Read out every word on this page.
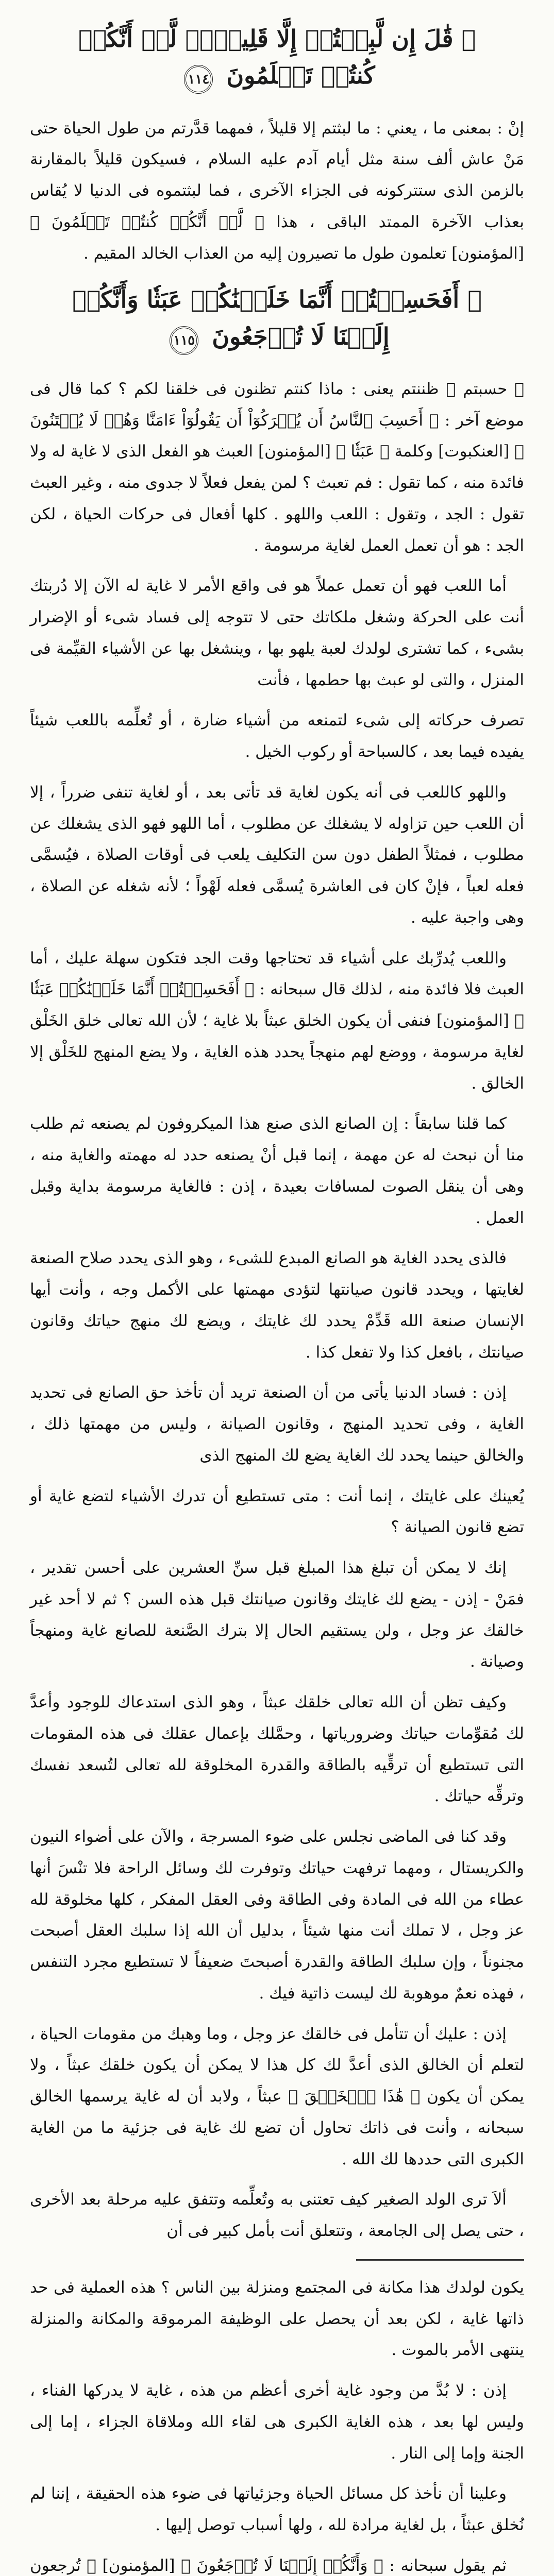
﴿ قَٰلَ إِن لَّبِثۡتُمۡ إِلَّا قَلِيلٗاۖ لَّوۡ أَنَّكُمۡ
كُنتُمۡ تَعۡلَمُونَ ١١٤

إنْ : بمعنى ما ، يعني : ما لبثتم إلا قليلاً ، فمهما قدَّرتم من طول الحياة حتى مَنْ عاش ألف سنة مثل أيام آدم عليه السلام ، فسيكون قليلاً بالمقارنة بالزمن الذى ستتركونه فى الجزاء الآخرى ، فما لبثتموه فى الدنيا لا يُقاس بعذاب الآخرة الممتد الباقى ، هذا ﴿ لَّوۡ أَنَّكُمۡ كُنتُمۡ تَعۡلَمُونَ ﴾ [المؤمنون] تعلمون طول ما تصيرون إليه من العذاب الخالد المقيم .

﴿ أَفَحَسِبۡتُمۡ أَنَّمَا خَلَقۡنَٰكُمۡ عَبَثٗا وَأَنَّكُمۡ
إِلَيۡنَا لَا تُرۡجَعُونَ ١١٥

﴿ حسبتم ﴾ ظننتم يعنى : ماذا كنتم تظنون فى خلقنا لكم ؟ كما قال فى موضع آخر : ﴿ أَحَسِبَ ٱلنَّاسُ أَن يُتۡرَكُوٓاْ أَن يَقُولُوٓاْ ءَامَنَّا وَهُمۡ لَا يُفۡتَنُونَ ﴾ [العنكبوت] وكلمة ﴿ عَبَثٗا ﴾ [المؤمنون] العبث هو الفعل الذى لا غاية له ولا فائدة منه ، كما تقول : فم تعبث ؟ لمن يفعل فعلاً لا جدوى منه ، وغير العبث تقول : الجد ، وتقول : اللعب واللهو . كلها أفعال فى حركات الحياة ، لكن الجد : هو أن تعمل العمل لغاية مرسومة .

أما اللعب فهو أن تعمل عملاً هو فى واقع الأمر لا غاية له الآن إلا دُربتك أنت على الحركة وشغل ملكاتك حتى لا تتوجه إلى فساد شىء أو الإضرار بشىء ، كما تشترى لولدك لعبة يلهو بها ، وينشغل بها عن الأشياء القيِّمة فى المنزل ، والتى لو عبث بها حطمها ، فأنت

تصرف حركاته إلى شىء لتمنعه من أشياء ضارة ، أو تُعلِّمه باللعب شيئاً يفيده فيما بعد ، كالسباحة أو ركوب الخيل .

واللهو كاللعب فى أنه يكون لغاية قد تأتى بعد ، أو لغاية تنفى ضرراً ، إلا أن اللعب حين تزاوله لا يشغلك عن مطلوب ، أما اللهو فهو الذى يشغلك عن مطلوب ، فمثلاً الطفل دون سن التكليف يلعب فى أوقات الصلاة ، فيُسمَّى فعله لعباً ، فإنْ كان فى العاشرة يُسمَّى فعله لَهْواً ؛ لأنه شغله عن الصلاة ، وهى واجبة عليه .

واللعب يُدرِّبك على أشياء قد تحتاجها وقت الجد فتكون سهلة عليك ، أما العبث فلا فائدة منه ، لذلك قال سبحانه : ﴿ أَفَحَسِبۡتُمۡ أَنَّمَا خَلَقۡنَٰكُمۡ عَبَثٗا ﴾ [المؤمنون] فنفى أن يكون الخلق عبثاً بلا غاية ؛ لأن الله تعالى خلق الخَلْق لغاية مرسومة ، ووضع لهم منهجاً يحدد هذه الغاية ، ولا يضع المنهج للخَلْق إلا الخالق .

كما قلنا سابقاً : إن الصانع الذى صنع هذا الميكروفون لم يصنعه ثم طلب منا أن نبحث له عن مهمة ، إنما قبل أنْ يصنعه حدد له مهمته والغاية منه ، وهى أن ينقل الصوت لمسافات بعيدة ، إذن : فالغاية مرسومة بداية وقبل العمل .

فالذى يحدد الغاية هو الصانع المبدع للشىء ، وهو الذى يحدد صلاح الصنعة لغايتها ، ويحدد قانون صيانتها لتؤدى مهمتها على الأكمل وجه ، وأنت أيها الإنسان صنعة الله قَدِّمْ يحدد لك غايتك ، ويضع لك منهج حياتك وقانون صيانتك ، بافعل كذا ولا تفعل كذا .

إذن : فساد الدنيا يأتى من أن الصنعة تريد أن تأخذ حق الصانع فى تحديد الغاية ، وفى تحديد المنهج ، وقانون الصيانة ، وليس من مهمتها ذلك ، والخالق حينما يحدد لك الغاية يضع لك المنهج الذى

يُعينك على غايتك ، إنما أنت : متى تستطيع أن تدرك الأشياء لتضع غاية أو تضع قانون الصيانة ؟

إنك لا يمكن أن تبلغ هذا المبلغ قبل سنِّ العشرين على أحسن تقدير ، فمَنْ - إذن - يضع لك غايتك وقانون صيانتك قبل هذه السن ؟ ثم لا أحد غير خالقك عز وجل ، ولن يستقيم الحال إلا بترك الصَّنعة للصانع غاية ومنهجاً وصيانة .

وكيف تظن أن الله تعالى خلقك عبثاً ، وهو الذى استدعاك للوجود وأعدَّ لك مُقوِّمات حياتك وضرورياتها ، وحمَّلك بإعمال عقلك فى هذه المقومات التى تستطيع أن ترقِّيه بالطاقة والقدرة المخلوقة لله تعالى لتُسعد نفسك وترقِّه حياتك .

وقد كنا فى الماضى نجلس على ضوء المسرجة ، والآن على أضواء النيون والكريستال ، ومهما ترفهت حياتك وتوفرت لك وسائل الراحة فلا تنْسَ أنها عطاء من الله فى المادة وفى الطاقة وفى العقل المفكر ، كلها مخلوقة لله عز وجل ، لا تملك أنت منها شيئاً ، بدليل أن الله إذا سلبك العقل أصبحت مجنوناً ، وإن سلبك الطاقة والقدرة أصبحتَ ضعيفاً لا تستطيع مجرد التنفس ، فهذه نعمٌ موهوبة لك ليست ذاتية فيك .

إذن : عليك أن تتأمل فى خالقك عز وجل ، وما وهبك من مقومات الحياة ، لتعلم أن الخالق الذى أعدَّ لك كل هذا لا يمكن أن يكون خلقك عبثاً ، ولا يمكن أن يكون ﴿ هَٰذَا ٱلۡخَلۡقَ ﴾ عبثاً ، ولابد أن له غاية يرسمها الخالق سبحانه ، وأنت فى ذاتك تحاول أن تضع لك غاية فى جزئية ما من الغاية الكبرى التى حددها لك الله .

ألاَ ترى الولد الصغير كيف تعتنى به وتُعلِّمه وتتفق عليه مرحلة بعد الأخرى ، حتى يصل إلى الجامعة ، وتتعلق أنت بأمل كبير فى أن

يكون لولدك هذا مكانة فى المجتمع ومنزلة بين الناس ؟ هذه العملية فى حد ذاتها غاية ، لكن بعد أن يحصل على الوظيفة المرموقة والمكانة والمنزلة ينتهى الأمر بالموت .

إذن : لا بُدَّ من وجود غاية أخرى أعظم من هذه ، غاية لا يدركها الفناء ، وليس لها بعد ، هذه الغاية الكبرى هى لقاء الله وملاقاة الجزاء ، إما إلى الجنة وإما إلى النار .

وعلينا أن نأخذ كل مسائل الحياة وجزئياتها فى ضوء هذه الحقيقة ، إننا لم نُخلق عبثاً ، بل لغاية مرادة لله ، ولها أسباب توصل إليها .

ثم يقول سبحانه : ﴿ وَأَنَّكُمۡ إِلَيۡنَا لَا تُرۡجَعُونَ ﴾ [المؤمنون] ﴿ تُرجعون
